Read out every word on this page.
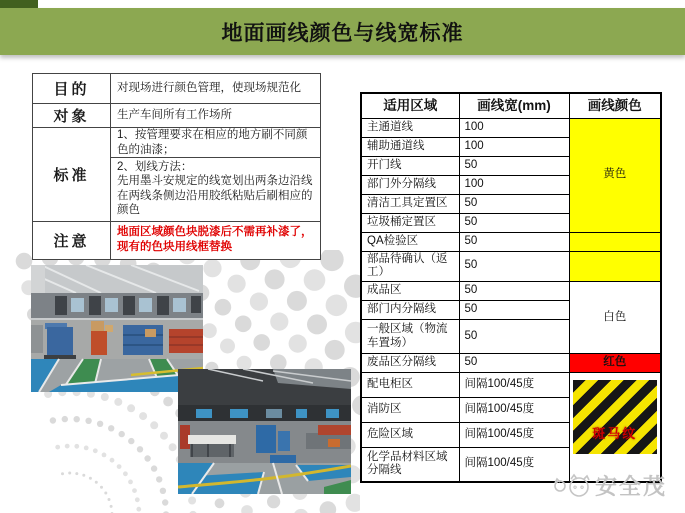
地面画线颜色与线宽标准
目的	对现场进行颜色管理，使现场规范化
对象	生产车间所有工作场所
标准	1、按管理要求在相应的地方刷不同颜色的油漆；
2、划线方法：
先用墨斗安规定的线宽划出两条边沿线
在两线条侧边沿用胶纸粘贴后刷相应的颜色

注意	地面区域颜色块脱漆后不需再补漆了，现有的色块用线框替换
适用区域	画线宽(mm)	画线颜色
主通道线	100	黄色
辅助通道线	100	
开门线	50	
部门外分隔线	100	
清洁工具定置区	50	
垃圾桶定置区	50	
QA检验区	50	
部品待确认（返工）	50	
成品区	50	白色
部门内分隔线	50	
一般区域（物流车置场）	50	
废品区分隔线	50	红色
配电柜区	间隔100/45度	斑马纹

消防区	间隔100/45度	
危险区域	间隔100/45度	
化学品材料区域分隔线	间隔100/45度	
安全茂
